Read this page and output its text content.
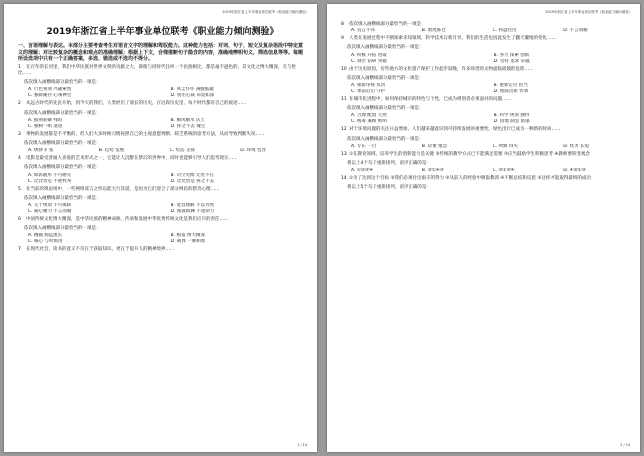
2019年浙江省上半年事业单位联考《职业能力倾向测验》
2019年浙江省上半年事业单位联考《职业能力倾向测验》
一、言语理解与表达。本部分主要考查考生对语言文字的理解和驾驭能力。这种能力包括：对词、句子、短文及复杂语段中特定意义的理解；对比较复杂的概念和观点的准确理解；根据上下文，合理推断句子隐含的内容，准确地辨明句义，筛选信息等等。每题所设选项中只有一个正确答案，多选、错选或不选均不得分。
1 在百年的长河里，我们中华民族对世界文明的贡献之大，即使与同时代任何一个民族相比，都是毫不逊色的，其文化之博大精深，无与伦比……
依次填入画横线部分最恰当的一项是：
A. 行色匆匆 兴趣索然	B. 风尘仆仆 满腹狐疑
C. 独辟蹊径 心领神会	D. 别出心裁 讳莫如深
2 从远古时代的先民开始，到今天的我们，人类经历了漫长的历史，在这段历史里，每个时代都有自己的痕迹……
依次填入画横线部分最恰当的一项是：
A. 披荆斩棘 残垣	B. 顺风顺水 沃土
C. 独树一帜 遗迹	D. 挥之不去 瑰宝
3 事物的发展都是不平衡的，但人们大多时候习惯按照自己的主观意愿判断，缺乏系统的思考方法，从而导致判断失误……
依次填入画横线部分最恰当的一项是：
A. 规律 扩张	B. 趋势 发展	C. 势态 支撑	D. 环境 包容
4 电影是最受普通人喜爱的艺术形式之一，它能让人沉醉在梦幻的世界中，同时也能够引导人们思考现实……
依次填入画横线部分最恰当的一项是：
A. 如影随形 不可磨灭	B. 司空见惯 无处不在
C. 比比皆是 不胜枚举	D. 比比皆是 挥之不去
5 在当前的舆论场中，一些网络谣言之所以能大行其道，是因为它们迎合了部分网民的猎奇心理……
依次填入画横线部分最恰当的一项是：
A. 交于规划 不可或缺	B. 宽容理解 不以为然
C. 凝心聚力 不言而喻	D. 推波助澜 不遗余力
6 中国传统文化博大精深，是中华民族的精神命脉，传承和发展中华优秀传统文化是我们应尽的责任……
依次填入画横线部分最恰当的一项是：
A. 精髓 源远流长	B. 根基 博大精深
C. 核心 与时俱进	D. 载体 一脉相承
7 在现代社会，读书的意义不仅在于获取知识，更在于提升人的精神境界……
1 / 14
2019年浙江省上半年事业单位联考《职业能力倾向测验》
8 依次填入画横线部分最恰当的一项是：
A. 直言不讳	B. 暗度陈仓	C. 和盘托出	D. 不言而喻
9 人类在发展过程中不断探索未知领域，科学技术日新月异，我们的生活也因此发生了翻天覆地的变化……
依次填入画横线部分最恰当的一项是：
A. 积极 开拓 进取	B. 努力 探索 创新
C. 刻苦 钻研 突破	D. 坚持 追求 卓越
10 由于历史原因，有些地方的文化遗产保护工作起步较晚，许多珍贵的文物面临损毁的危险……
依次填入画横线部分最恰当的一项是：
A. 重新审视 负责	B. 重新定位 担当
C. 承前启后 守护	D. 推陈出新 传承
11 在城市化进程中，如何保持城市的特色与个性，已成为规划者必须面对的问题……
依次填入画横线部分最恰当的一项是：
A. 合理 配置 天然	B. 科学 规划 独特
C. 统筹 兼顾 鲜明	D. 因地 制宜 浓郁
12 对于环境问题的关注日益增加，人们越来越意识到可持续发展的重要性，绿色出行已成为一种新的时尚……
依次填入画横线部分最恰当的一项是：
A. 专长 一目	B. 轻重 缓急	C. 利弊 得失	D. 优劣 长短
13 ①在教育领域，培养学生的创新能力是关键 ②传统的教学方式已不能满足需要 ③应当鼓励学生积极思考 ④教师要转变观念
将以上4个句子重新排列，语序正确的是：
A. ①②③④	B. ②①④③	C. ③①②④	D. ④②①③
14 ①为了达到这个目标 ②我们必须付出艰辛的努力 ③从前人的经验中吸取教训 ④不断总结和反思 ⑤这样才能取得最终的成功
将以上5个句子重新排列，语序正确的是：
2 / 14
